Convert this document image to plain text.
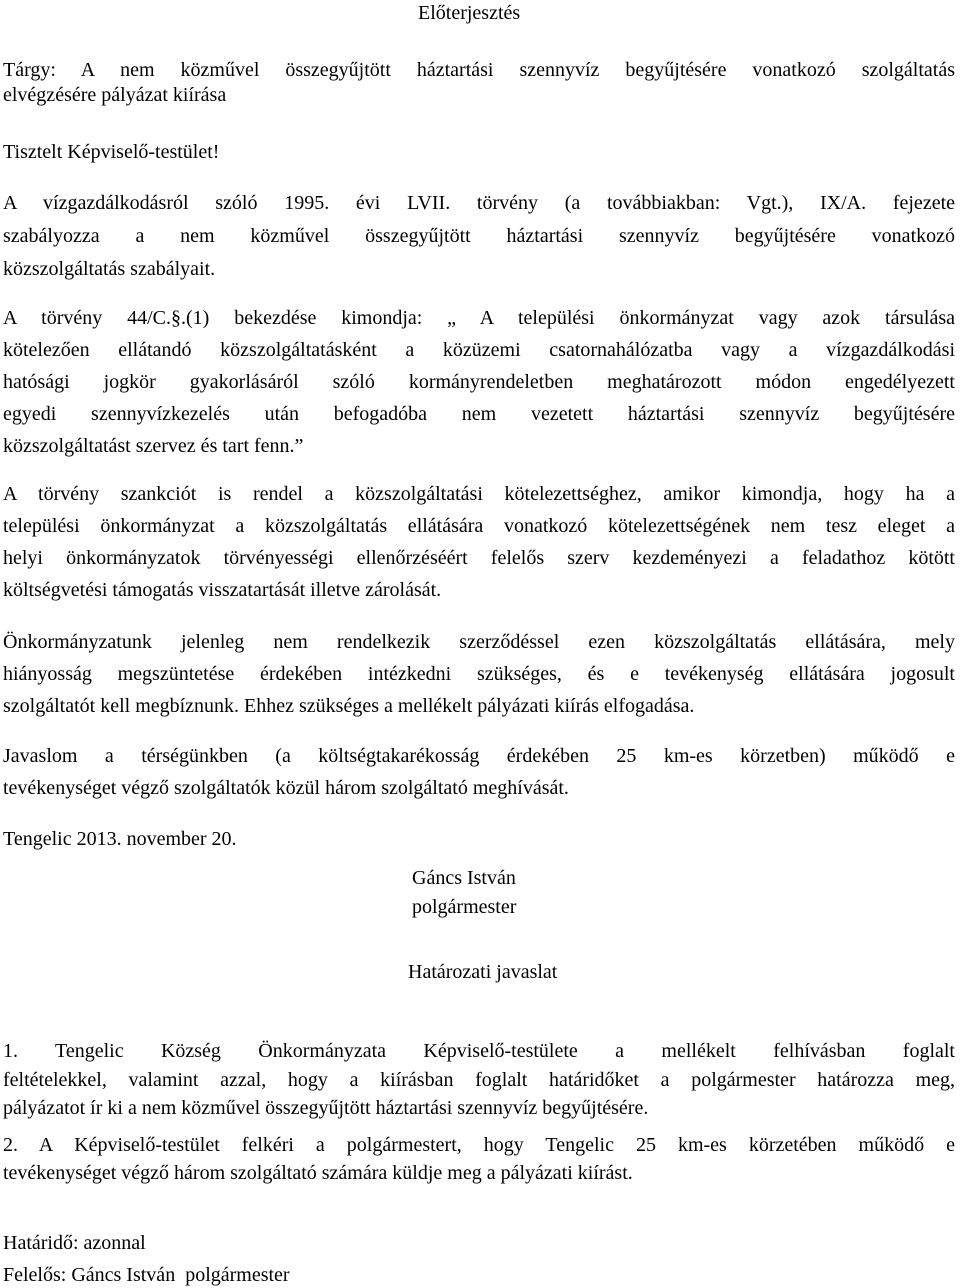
Előterjesztés
Tárgy: A nem közművel összegyűjtött háztartási szennyvíz begyűjtésére vonatkozó szolgáltatás
elvégzésére pályázat kiírása
Tisztelt Képviselő-testület!
A vízgazdálkodásról szóló 1995. évi LVII. törvény (a továbbiakban: Vgt.), IX/A. fejezete
szabályozza a nem közművel összegyűjtött háztartási szennyvíz begyűjtésére vonatkozó
közszolgáltatás szabályait.
A törvény 44/C.§.(1) bekezdése kimondja: „ A települési önkormányzat vagy azok társulása
kötelezően ellátandó közszolgáltatásként a közüzemi csatornahálózatba vagy a vízgazdálkodási
hatósági jogkör gyakorlásáról szóló kormányrendeletben meghatározott módon engedélyezett
egyedi szennyvízkezelés után befogadóba nem vezetett háztartási szennyvíz begyűjtésére
közszolgáltatást szervez és tart fenn.”
A törvény szankciót is rendel a közszolgáltatási kötelezettséghez, amikor kimondja, hogy ha a
települési önkormányzat a közszolgáltatás ellátására vonatkozó kötelezettségének nem tesz eleget a
helyi önkormányzatok törvényességi ellenőrzéséért felelős szerv kezdeményezi a feladathoz kötött
költségvetési támogatás visszatartását illetve zárolását.
Önkormányzatunk jelenleg nem rendelkezik szerződéssel ezen közszolgáltatás ellátására, mely
hiányosság megszüntetése érdekében intézkedni szükséges, és e tevékenység ellátására jogosult
szolgáltatót kell megbíznunk. Ehhez szükséges a mellékelt pályázati kiírás elfogadása.
Javaslom a térségünkben (a költségtakarékosság érdekében 25 km-es körzetben) működő e
tevékenységet végző szolgáltatók közül három szolgáltató meghívását.
Tengelic 2013. november 20.
Gáncs István
polgármester
Határozati javaslat
1. Tengelic Község Önkormányzata Képviselő-testülete a mellékelt felhívásban foglalt
feltételekkel, valamint azzal, hogy a kiírásban foglalt határidőket a polgármester határozza meg,
pályázatot ír ki a nem közművel összegyűjtött háztartási szennyvíz begyűjtésére.
2. A Képviselő-testület felkéri a polgármestert, hogy Tengelic 25 km-es körzetében működő e
tevékenységet végző három szolgáltató számára küldje meg a pályázati kiírást.
Határidő: azonnal
Felelős: Gáncs István  polgármester
